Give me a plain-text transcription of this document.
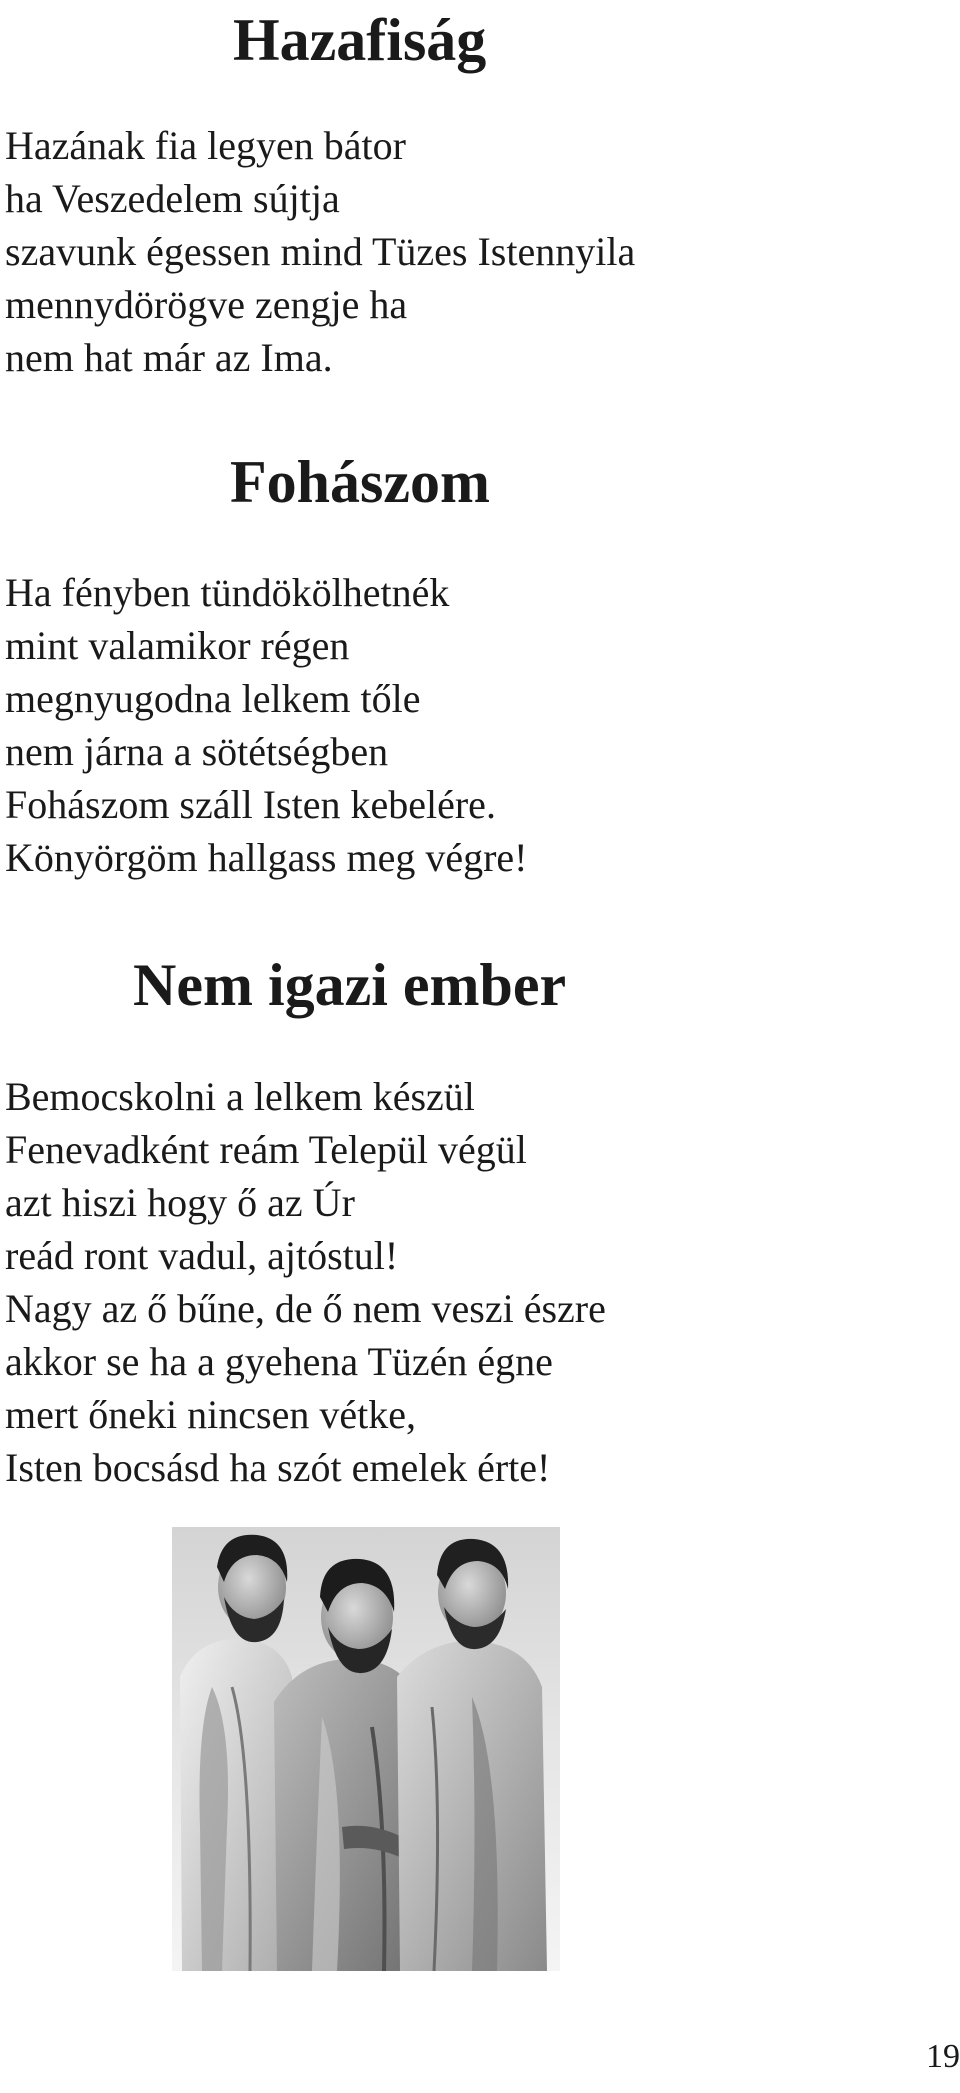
Hazafiság
Hazának fia legyen bátor
ha Veszedelem sújtja
szavunk égessen mind Tüzes Istennyila
mennydörögve zengje ha
nem hat már az Ima.
Fohászom
Ha fényben tündökölhetnék
mint valamikor régen
megnyugodna lelkem tőle
nem járna a sötétségben
Fohászom száll Isten kebelére.
Könyörgöm hallgass meg végre!
Nem igazi ember
Bemocskolni a lelkem készül
Fenevadként reám Települ végül
azt hiszi hogy ő az Úr
reád ront vadul, ajtóstul!
Nagy az ő bűne, de ő nem veszi észre
akkor se ha a gyehena Tüzén égne
mert őneki nincsen vétke,
Isten bocsásd ha szót emelek érte!
19
